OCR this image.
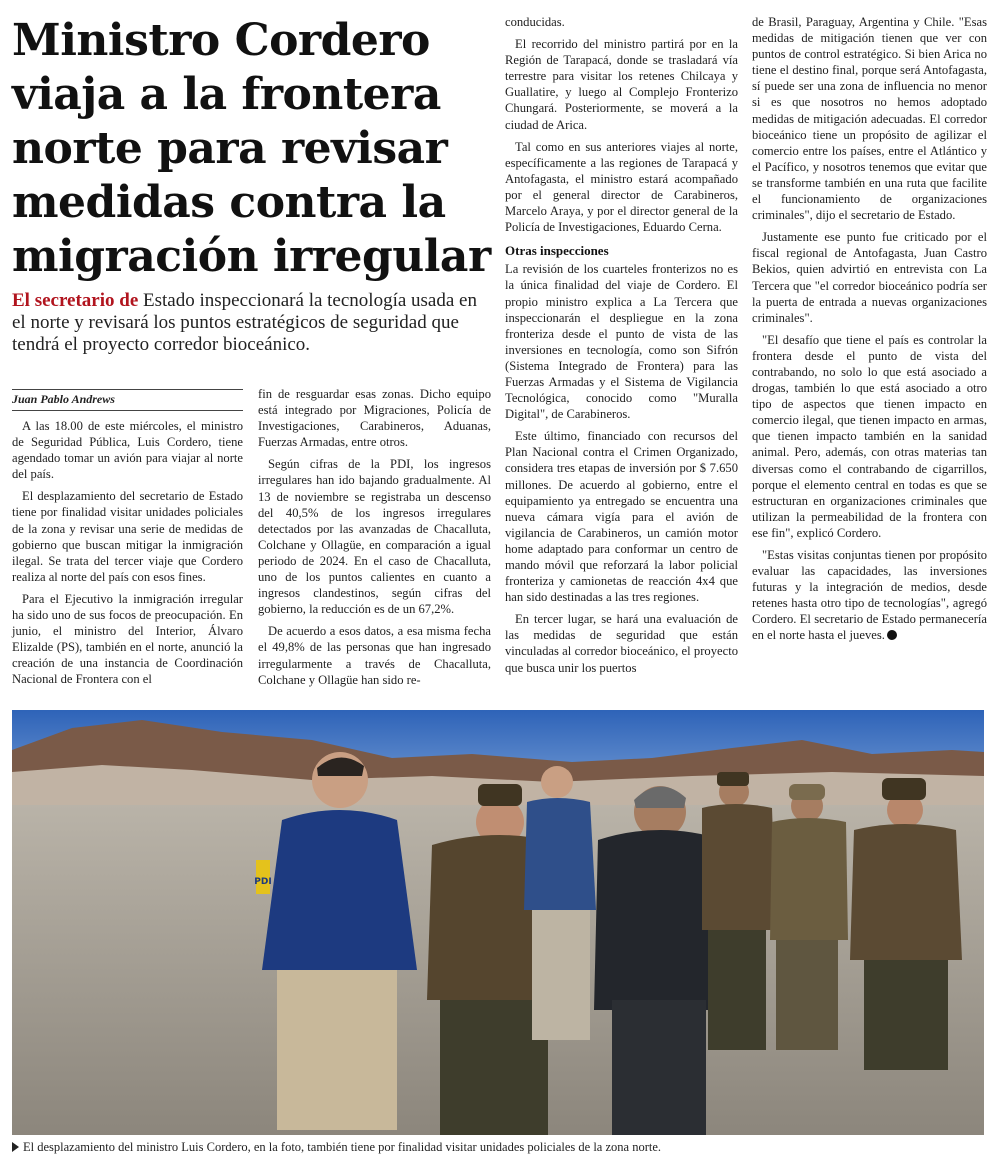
Ministro Cordero viaja a la frontera norte para revisar medidas contra la migración irregular

El secretario de Estado inspeccionará la tecnología usada en el norte y revisará los puntos estratégicos de seguridad que tendrá el proyecto corredor bioceánico.

Juan Pablo Andrews

A las 18.00 de este miércoles, el ministro de Seguridad Pública, Luis Cordero, tiene agendado tomar un avión para viajar al norte del país.

El desplazamiento del secretario de Estado tiene por finalidad visitar unidades policiales de la zona y revisar una serie de medidas de gobierno que buscan mitigar la inmigración ilegal. Se trata del tercer viaje que Cordero realiza al norte del país con esos fines.

Para el Ejecutivo la inmigración irregular ha sido uno de sus focos de preocupación. En junio, el ministro del Interior, Álvaro Elizalde (PS), también en el norte, anunció la creación de una instancia de Coordinación Nacional de Frontera con el

fin de resguardar esas zonas. Dicho equipo está integrado por Migraciones, Policía de Investigaciones, Carabineros, Aduanas, Fuerzas Armadas, entre otros.

Según cifras de la PDI, los ingresos irregulares han ido bajando gradualmente. Al 13 de noviembre se registraba un descenso del 40,5% de los ingresos irregulares detectados por las avanzadas de Chacalluta, Colchane y Ollagüe, en comparación a igual periodo de 2024. En el caso de Chacalluta, uno de los puntos calientes en cuanto a ingresos clandestinos, según cifras del gobierno, la reducción es de un 67,2%.

De acuerdo a esos datos, a esa misma fecha el 49,8% de las personas que han ingresado irregularmente a través de Chacalluta, Colchane y Ollagüe han sido re-

conducidas.

El recorrido del ministro partirá por en la Región de Tarapacá, donde se trasladará vía terrestre para visitar los retenes Chilcaya y Guallatire, y luego al Complejo Fronterizo Chungará. Posteriormente, se moverá a la ciudad de Arica.

Tal como en sus anteriores viajes al norte, específicamente a las regiones de Tarapacá y Antofagasta, el ministro estará acompañado por el general director de Carabineros, Marcelo Araya, y por el director general de la Policía de Investigaciones, Eduardo Cerna.

Otras inspecciones

La revisión de los cuarteles fronterizos no es la única finalidad del viaje de Cordero. El propio ministro explica a La Tercera que inspeccionarán el despliegue en la zona fronteriza desde el punto de vista de las inversiones en tecnología, como son Sifrón (Sistema Integrado de Frontera) para las Fuerzas Armadas y el Sistema de Vigilancia Tecnológica, conocido como "Muralla Digital", de Carabineros.

Este último, financiado con recursos del Plan Nacional contra el Crimen Organizado, considera tres etapas de inversión por $ 7.650 millones. De acuerdo al gobierno, entre el equipamiento ya entregado se encuentra una nueva cámara vigía para el avión de vigilancia de Carabineros, un camión motor home adaptado para conformar un centro de mando móvil que reforzará la labor policial fronteriza y camionetas de reacción 4x4 que han sido destinadas a las tres regiones.

En tercer lugar, se hará una evaluación de las medidas de seguridad que están vinculadas al corredor bioceánico, el proyecto que busca unir los puertos

de Brasil, Paraguay, Argentina y Chile. "Esas medidas de mitigación tienen que ver con puntos de control estratégico. Si bien Arica no tiene el destino final, porque será Antofagasta, sí puede ser una zona de influencia no menor si es que nosotros no hemos adoptado medidas de mitigación adecuadas. El corredor bioceánico tiene un propósito de agilizar el comercio entre los países, entre el Atlántico y el Pacífico, y nosotros tenemos que evitar que se transforme también en una ruta que facilite el funcionamiento de organizaciones criminales", dijo el secretario de Estado.

Justamente ese punto fue criticado por el fiscal regional de Antofagasta, Juan Castro Bekios, quien advirtió en entrevista con La Tercera que "el corredor bioceánico podría ser la puerta de entrada a nuevas organizaciones criminales".

"El desafío que tiene el país es controlar la frontera desde el punto de vista del contrabando, no solo lo que está asociado a drogas, también lo que está asociado a otro tipo de aspectos que tienen impacto en comercio ilegal, que tienen impacto en armas, que tienen impacto también en la sanidad animal. Pero, además, con otras materias tan diversas como el contrabando de cigarrillos, porque el elemento central en todas es que se estructuran en organizaciones criminales que utilizan la permeabilidad de la frontera con ese fin", explicó Cordero.

"Estas visitas conjuntas tienen por propósito evaluar las capacidades, las inversiones futuras y la integración de medios, desde retenes hasta otro tipo de tecnologías", agregó Cordero. El secretario de Estado permanecería en el norte hasta el jueves.

PDI
El desplazamiento del ministro Luis Cordero, en la foto, también tiene por finalidad visitar unidades policiales de la zona norte.
